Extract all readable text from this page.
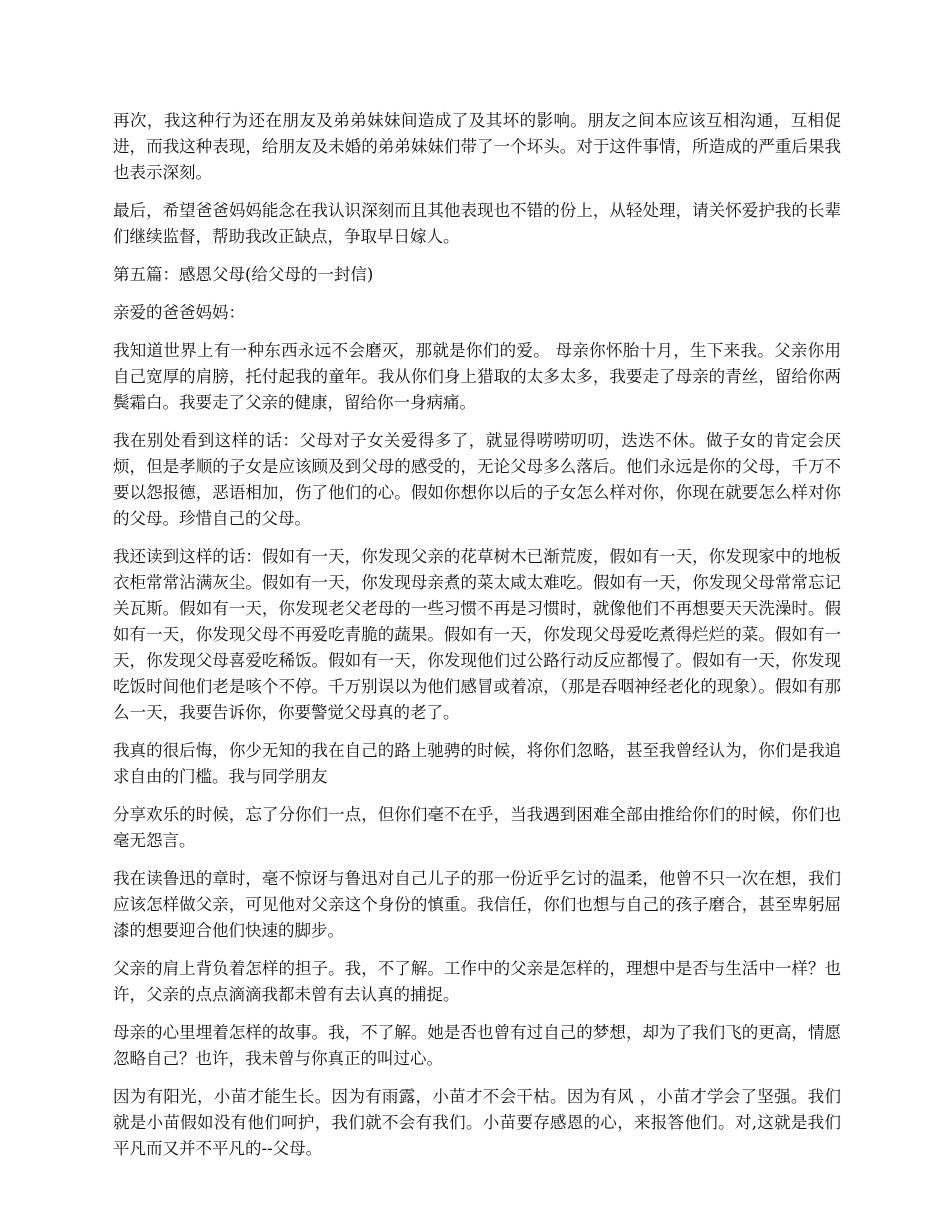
再次，我这种行为还在朋友及弟弟妹妹间造成了及其坏的影响。朋友之间本应该互相沟通，互相促进，而我这种表现，给朋友及未婚的弟弟妹妹们带了一个坏头。对于这件事情，所造成的严重后果我也表示深刻。

最后，希望爸爸妈妈能念在我认识深刻而且其他表现也不错的份上，从轻处理，请关怀爱护我的长辈们继续监督，帮助我改正缺点，争取早日嫁人。

第五篇：感恩父母(给父母的一封信)

亲爱的爸爸妈妈：

我知道世界上有一种东西永远不会磨灭，那就是你们的爱。 母亲你怀胎十月，生下来我。父亲你用自己宽厚的肩膀，托付起我的童年。我从你们身上猎取的太多太多，我要走了母亲的青丝，留给你两鬓霜白。我要走了父亲的健康，留给你一身病痛。

我在别处看到这样的话：父母对子女关爱得多了，就显得唠唠叨叨，迭迭不休。做子女的肯定会厌烦，但是孝顺的子女是应该顾及到父母的感受的，无论父母多么落后。他们永远是你的父母，千万不要以怨报德，恶语相加，伤了他们的心。假如你想你以后的子女怎么样对你，你现在就要怎么样对你的父母。珍惜自己的父母。

我还读到这样的话：假如有一天，你发现父亲的花草树木已渐荒废，假如有一天，你发现家中的地板衣柜常常沾满灰尘。假如有一天，你发现母亲煮的菜太咸太难吃。假如有一天，你发现父母常常忘记关瓦斯。假如有一天，你发现老父老母的一些习惯不再是习惯时，就像他们不再想要天天洗澡时。假如有一天，你发现父母不再爱吃青脆的蔬果。假如有一天，你发现父母爱吃煮得烂烂的菜。假如有一天，你发现父母喜爱吃稀饭。假如有一天，你发现他们过公路行动反应都慢了。假如有一天，你发现吃饭时间他们老是咳个不停。千万别误以为他们感冒或着凉，（那是吞咽神经老化的现象）。假如有那么一天，我要告诉你，你要警觉父母真的老了。

我真的很后悔，你少无知的我在自己的路上驰骋的时候，将你们忽略，甚至我曾经认为，你们是我追求自由的门槛。我与同学朋友

分享欢乐的时候，忘了分你们一点，但你们毫不在乎，当我遇到困难全部由推给你们的时候，你们也毫无怨言。

我在读鲁迅的章时，毫不惊讶与鲁迅对自己儿子的那一份近乎乞讨的温柔，他曾不只一次在想，我们应该怎样做父亲，可见他对父亲这个身份的慎重。我信任，你们也想与自己的孩子磨合，甚至卑躬屈漆的想要迎合他们快速的脚步。

父亲的肩上背负着怎样的担子。我，不了解。工作中的父亲是怎样的，理想中是否与生活中一样？也许，父亲的点点滴滴我都未曾有去认真的捕捉。

母亲的心里埋着怎样的故事。我，不了解。她是否也曾有过自己的梦想，却为了我们飞的更高，情愿忽略自己？也许，我未曾与你真正的叫过心。

因为有阳光，小苗才能生长。因为有雨露，小苗才不会干枯。因为有风 ，小苗才学会了坚强。我们就是小苗假如没有他们呵护，我们就不会有我们。小苗要存感恩的心，来报答他们。对,这就是我们平凡而又并不平凡的--父母。
